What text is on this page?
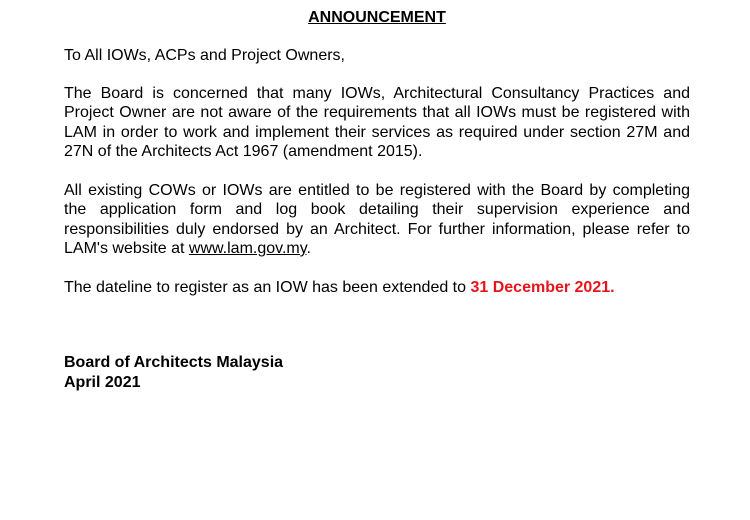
ANNOUNCEMENT

To All IOWs, ACPs and Project Owners,

The Board is concerned that many IOWs, Architectural Consultancy Practices and Project Owner are not aware of the requirements that all IOWs must be registered with LAM in order to work and implement their services as required under section 27M and 27N of the Architects Act 1967 (amendment 2015).

All existing COWs or IOWs are entitled to be registered with the Board by completing the application form and log book detailing their supervision experience and responsibilities duly endorsed by an Architect. For further information, please refer to LAM's website at www.lam.gov.my.

The dateline to register as an IOW has been extended to 31 December 2021.

Board of Architects Malaysia
April 2021
